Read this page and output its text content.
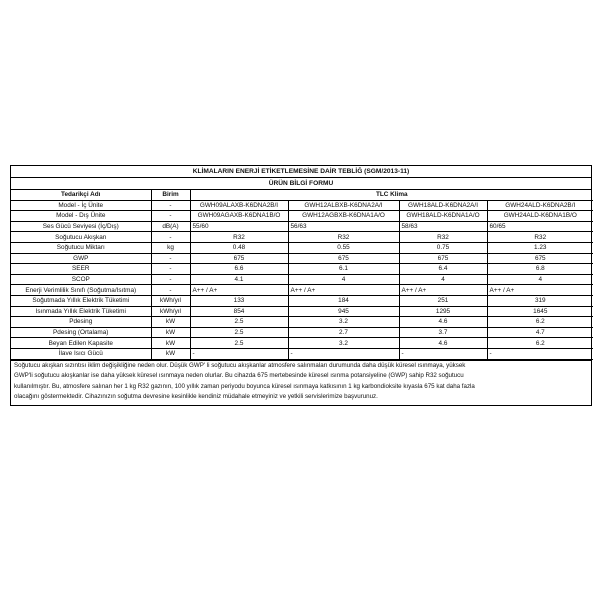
KLİMALARIN ENERJİ ETİKETLEMESİNE DAİR TEBLİĞ (SGM/2013-11)
ÜRÜN BİLGİ FORMU
Tedarikçi Adı	Birim	TLC Klima			
Model - İç Ünite	-	GWH09ALAXB-K6DNA2B/I	GWH12ALBXB-K6DNA2A/I	GWH18ALD-K6DNA2A/I	GWH24ALD-K6DNA2B/I
Model - Dış Ünite	-	GWH09AGAXB-K6DNA1B/O	GWH12AGBXB-K6DNA1A/O	GWH18ALD-K6DNA1A/O	GWH24ALD-K6DNA1B/O
Ses Gücü Seviyesi (İç/Dış)	dB(A)	55/60	56/63	58/63	60/65
Soğutucu Akışkan	-	R32	R32	R32	R32
Soğutucu Miktarı	kg	0.48	0.55	0.75	1.23
GWP	-	675	675	675	675
SEER	-	6.6	6.1	6.4	6.8
SCOP	-	4.1	4	4	4
Enerji Verimlilik Sınıfı (Soğutma/Isıtma)	-	A++ / A+	A++ / A+	A++ / A+	A++ / A+
Soğutmada Yıllık Elektrik Tüketimi	kWh/yıl	133	184	251	319
Isınmada Yıllık Elektrik Tüketimi	kWh/yıl	854	945	1295	1645
Pdesing	kW	2.5	3.2	4.6	6.2
Pdesing (Ortalama)	kW	2.5	2.7	3.7	4.7
Beyan Edilen Kapasite	kW	2.5	3.2	4.6	6.2
İlave Isıcı Gücü	kW	-	-	-	-
Soğutucu akışkan sızıntısı iklim değişikliğine neden olur. Düşük GWP' li soğutucu akışkanlar atmosfere salınmaları durumunda daha düşük küresel ısınmaya, yüksek
GWP'li soğutucu akışkanlar ise daha yüksek küresel ısınmaya neden olurlar. Bu cihazda 675 mertebesinde küresel ısınma potansiyeline (GWP) sahip R32 soğutucu
kullanılmıştır. Bu, atmosfere salınan her 1 kg R32 gazının, 100 yıllık zaman periyodu boyunca küresel ısınmaya katkısının 1 kg karbondioksite kıyasla 675 kat daha fazla
olacağını göstermektedir. Cihazınızın soğutma devresine kesinlikle kendiniz müdahale etmeyiniz ve yetkili servislerimize başvurunuz.
